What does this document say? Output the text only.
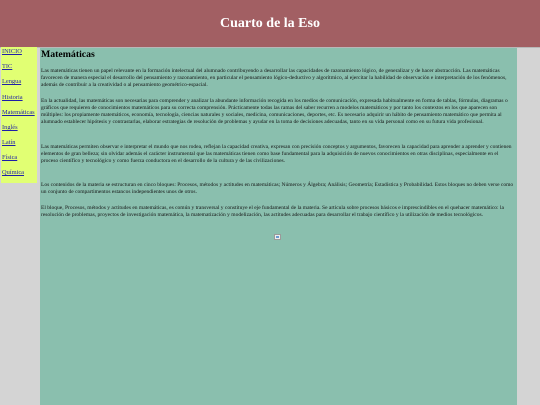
Cuarto de la Eso
INICIO
TIC
Lengua
Historia
Matemáticas
Inglés
Latín
Física
Química
Matemáticas

Las matemáticas tienen un papel relevante en la formación intelectual del alumnado contribuyendo a desarrollar las capacidades de razonamiento lógico, de generalizar y de hacer abstracción. Las matemáticas favorecen de manera especial el desarrollo del pensamiento y razonamiento, en particular el pensamiento lógico-deductivo y algorítmico, al ejercitar la habilidad de observación e interpretación de los fenómenos, además de contribuir a la creatividad o al pensamiento geométrico-espacial.

En la actualidad, las matemáticas son necesarias para comprender y analizar la abundante información recogida en los medios de comunicación, expresada habitualmente en forma de tablas, fórmulas, diagramas o gráficos que requieren de conocimientos matemáticos para su correcta comprensión. Prácticamente todas las ramas del saber recurren a modelos matemáticos y por tanto los contextos en los que aparecen son múltiples: los propiamente matemáticos, economía, tecnología, ciencias naturales y sociales, medicina, comunicaciones, deportes, etc. Es necesario adquirir un hábito de pensamiento matemático que permita al alumnado establecer hipótesis y contrastarlas, elaborar estrategias de resolución de problemas y ayudar en la toma de decisiones adecuadas, tanto en su vida personal como en su futura vida profesional.

Las matemáticas permiten observar e interpretar el mundo que nos rodea, reflejan la capacidad creativa, expresan con precisión conceptos y argumentos, favorecen la capacidad para aprender a aprender y contienen elementos de gran belleza; sin olvidar además el carácter instrumental que las matemáticas tienen como base fundamental para la adquisición de nuevos conocimientos en otras disciplinas, especialmente en el proceso científico y tecnológico y como fuerza conductora en el desarrollo de la cultura y de las civilizaciones.

Los contenidos de la materia se estructuran en cinco bloques: Procesos, métodos y actitudes en matemáticas; Números y Álgebra; Análisis; Geometría; Estadística y Probabilidad. Estos bloques no deben verse como un conjunto de compartimentos estancos independientes unos de otros.

El bloque, Procesos, métodos y actitudes en matemáticas, es común y transversal y constituye el eje fundamental de la materia. Se articula sobre procesos básicos e imprescindibles en el quehacer matemático: la resolución de problemas, proyectos de investigación matemática, la matematización y modelización, las actitudes adecuadas para desarrollar el trabajo científico y la utilización de medios tecnológicos.
